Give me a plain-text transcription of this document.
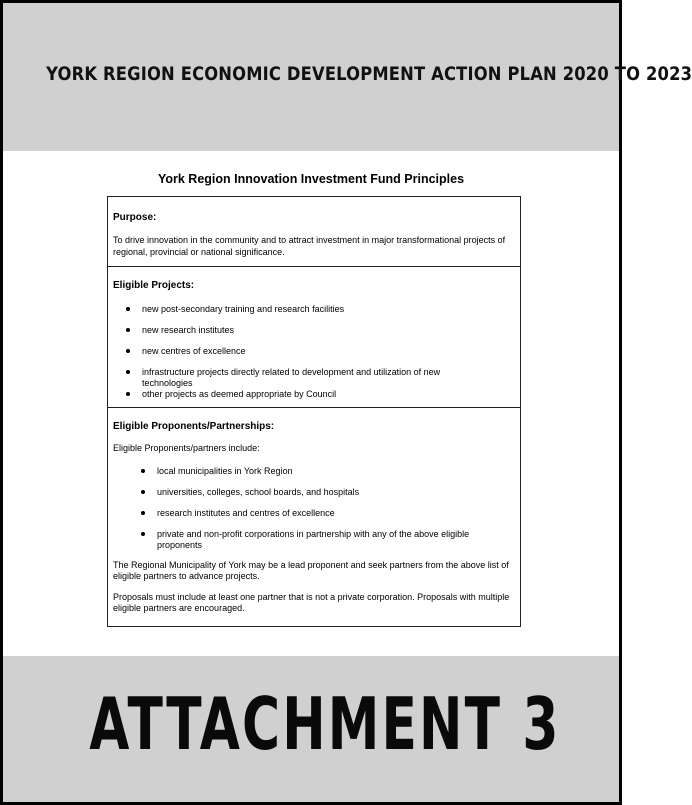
YORK REGION ECONOMIC DEVELOPMENT ACTION PLAN 2020 TO 2023
York Region Innovation Investment Fund Principles
Purpose:
To drive innovation in the community and to attract investment in major transformational projects of
regional, provincial or national significance.
Eligible Projects:
new post-secondary training and research facilities
new research institutes
new centres of excellence
infrastructure projects directly related to development and utilization of new technologies
other projects as deemed appropriate by Council
Eligible Proponents/Partnerships:
Eligible Proponents/partners include:
local municipalities in York Region
universities, colleges, school boards, and hospitals
research institutes and centres of excellence
private and non-profit corporations in partnership with any of the above eligible
proponents
The Regional Municipality of York may be a lead proponent and seek partners from the above list of
eligible partners to advance projects.
Proposals must include at least one partner that is not a private corporation. Proposals with multiple
eligible partners are encouraged.
ATTACHMENT 3
